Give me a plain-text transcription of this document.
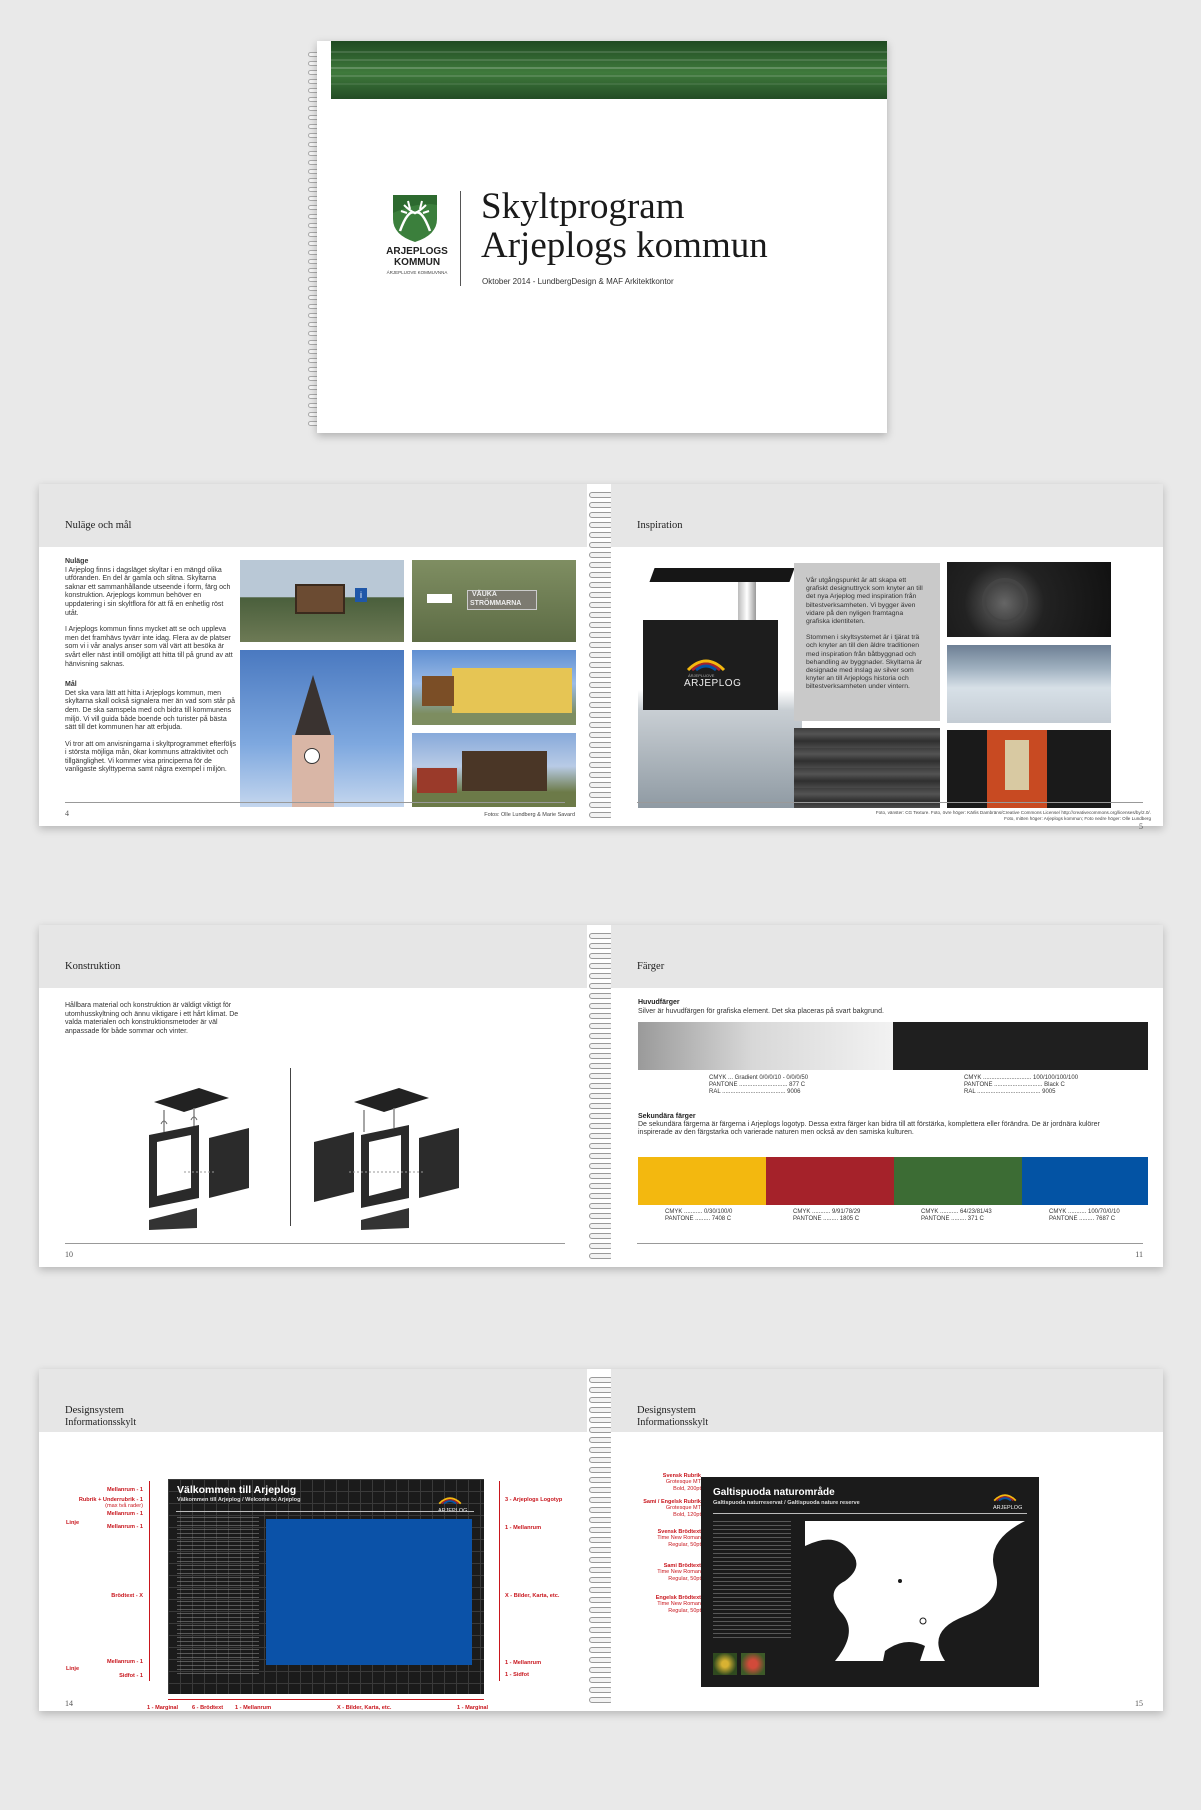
ARJEPLOGS
KOMMUN
ÁRJEPLUOVE KOMMUVNNA
Skyltprogram
Arjeplogs kommun
Oktober 2014 - LundbergDesign & MAF Arkitektkontor
Nuläge och mål
Nuläge

I Arjeplog finns i dagsläget skyltar i en mängd olika utföranden. En del är gamla och slitna. Skyltarna saknar ett sammanhållande utseende i form, färg och konstruktion. Arjeplogs kommun behöver en uppdatering i sin skyltflora för att få en enhetlig röst utåt.

I Arjeplogs kommun finns mycket att se och uppleva men det framhävs tyvärr inte idag. Flera av de platser som vi i vår analys anser som väl värt att besöka är svårt eller näst intill omöjligt att hitta till på grund av att hänvisning saknas.

Mål

Det ska vara lätt att hitta i Arjeplogs kommun, men skyltarna skall också signalera mer än vad som står på dem. De ska samspela med och bidra till kommunens miljö. Vi vill guida både boende och turister på bästa sätt till det kommunen har att erbjuda.

Vi tror att om anvisningarna i skyltprogrammet efterföljs i största möjliga mån, ökar kommuns attraktivitet och tillgänglighet. Vi kommer visa principerna för de vanligaste skylttyperna samt några exempel i miljön.

i	VÄUKA
STRÖMMARNA
Fotos: Olle Lundberg & Marie Savard
4
Inspiration
ÁRJEPLUOVE
ARJEPLOG

Vår utgångspunkt är att skapa ett grafiskt designuttryck som knyter an till det nya Arjeplog med inspiration från biltestverksamheten. Vi bygger även vidare på den nyligen framtagna grafiska identiteten.

Stommen i skyltsystemet är i tjärat trä och knyter an till den äldre traditionen med inspiration från båtbyggnad och behandling av byggnader. Skyltarna är designade med inslag av silver som knyter an till Arjeplogs historia och biltestverksamheten under vintern.

Foto, vänster: CG Texture. Foto, övre höger: Kārlis Dambrāns/Creative Commons License/ http://creativecommons.org/licenses/by/2.0/.
Foto, mitten höger: Arjeplogs kommun; Foto nedre höger: Olle Lundberg
5
Konstruktion

Hållbara material och konstruktion är väldigt viktigt för utomhusskyltning och ännu viktigare i ett hårt klimat. De valda materialen och konstruktionsmetoder är väl anpassade för både sommar och vinter.

10
Färger
Huvudfärger
Silver är huvudfärgen för grafiska element. Det ska placeras på svart bakgrund.
CMYK ... Gradient 0/0/0/10 - 0/0/0/50
PANTONE ............................. 877 C
RAL ...................................... 9006
CMYK ............................. 100/100/100/100
PANTONE ............................. Black C
RAL ...................................... 9005
Sekundära färger

De sekundära färgerna är färgerna i Arjeplogs logotyp. Dessa extra färger kan bidra till att förstärka, komplettera eller förändra. De är jordnära kulörer inspirerade av den färgstarka och varierade naturen men också av den samiska kulturen.

CMYK ........... 0/30/100/0
PANTONE ......... 7408 C
CMYK ........... 9/91/78/29
PANTONE ......... 1805 C
CMYK ........... 64/23/81/43
PANTONE ......... 371 C
CMYK ........... 100/70/0/10
PANTONE ......... 7687 C
11
Designsystem
Informationsskylt
Välkommen till Arjeplog
Välkommen till Arjeplog / Welcome to Arjeplog
Mellanrum - 1
Rubrik + Underrubrik - 1
(max två rader)
Mellanrum - 1
Linje
Mellanrum - 1
Brödtext - X
Mellanrum - 1
Linje
Sidfot - 1
3 - Arjeplogs Logotyp
1 - Mellanrum
X - Bilder, Karta, etc.
1 - Mellanrum
1 - Sidfot
1 - Marginal 6 - Brödtext 1 - Mellanrum	X - Bilder, Karta, etc.	1 - Marginal
14
Designsystem
Informationsskylt
Svensk Rubrik
Grotesque MT
Bold, 200pt
Sami / Engelsk Rubrik
Grotesque MT
Bold, 120pt
Svensk Brödtext
Time New Roman
Regular, 50pt
Sami Brödtext
Time New Roman
Regular, 50pt
Engelsk Brödtext
Time New Roman
Regular, 50pt
Galtispuoda naturområde
Galtispuoda naturreservat / Galtispuoda nature reserve
ARJEPLOG
15
